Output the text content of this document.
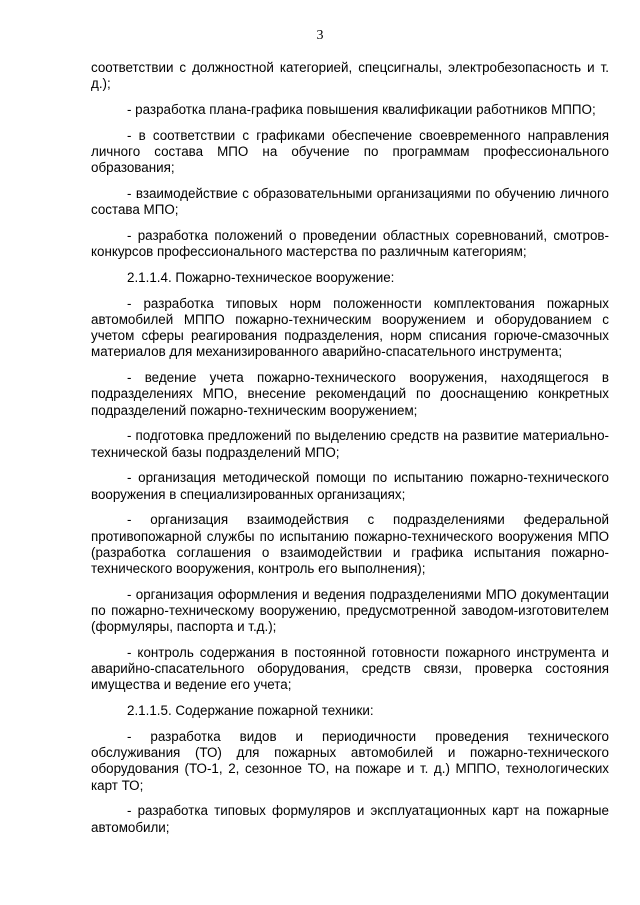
3

соответствии с должностной категорией, спецсигналы, электробезопасность и т. д.);

- разработка плана-графика повышения квалификации работников МППО;

- в соответствии с графиками обеспечение своевременного направления личного состава МПО на обучение по программам профессионального образования;

- взаимодействие с образовательными организациями по обучению личного состава МПО;

- разработка положений о проведении областных соревнований, смотров-конкурсов профессионального мастерства по различным категориям;

2.1.1.4. Пожарно-техническое вооружение:

- разработка типовых норм положенности комплектования пожарных автомобилей МППО пожарно-техническим вооружением и оборудованием с учетом сферы реагирования подразделения, норм списания горюче-смазочных материалов для механизированного аварийно-спасательного инструмента;

- ведение учета пожарно-технического вооружения, находящегося в подразделениях МПО, внесение рекомендаций по дооснащению конкретных подразделений пожарно-техническим вооружением;

- подготовка предложений по выделению средств на развитие материально-технической базы подразделений МПО;

- организация методической помощи по испытанию пожарно-технического вооружения в специализированных организациях;

- организация взаимодействия с подразделениями федеральной противопожарной службы по испытанию пожарно-технического вооружения МПО (разработка соглашения о взаимодействии и графика испытания пожарно-технического вооружения, контроль его выполнения);

- организация оформления и ведения подразделениями МПО документации по пожарно-техническому вооружению, предусмотренной заводом-изготовителем (формуляры, паспорта и т.д.);

- контроль содержания в постоянной готовности пожарного инструмента и аварийно-спасательного оборудования, средств связи, проверка состояния имущества и ведение его учета;

2.1.1.5. Содержание пожарной техники:

- разработка видов и периодичности проведения технического обслуживания (ТО) для пожарных автомобилей и пожарно-технического оборудования (ТО-1, 2, сезонное ТО, на пожаре и т. д.) МППО, технологических карт ТО;

- разработка типовых формуляров и эксплуатационных карт на пожарные автомобили;
